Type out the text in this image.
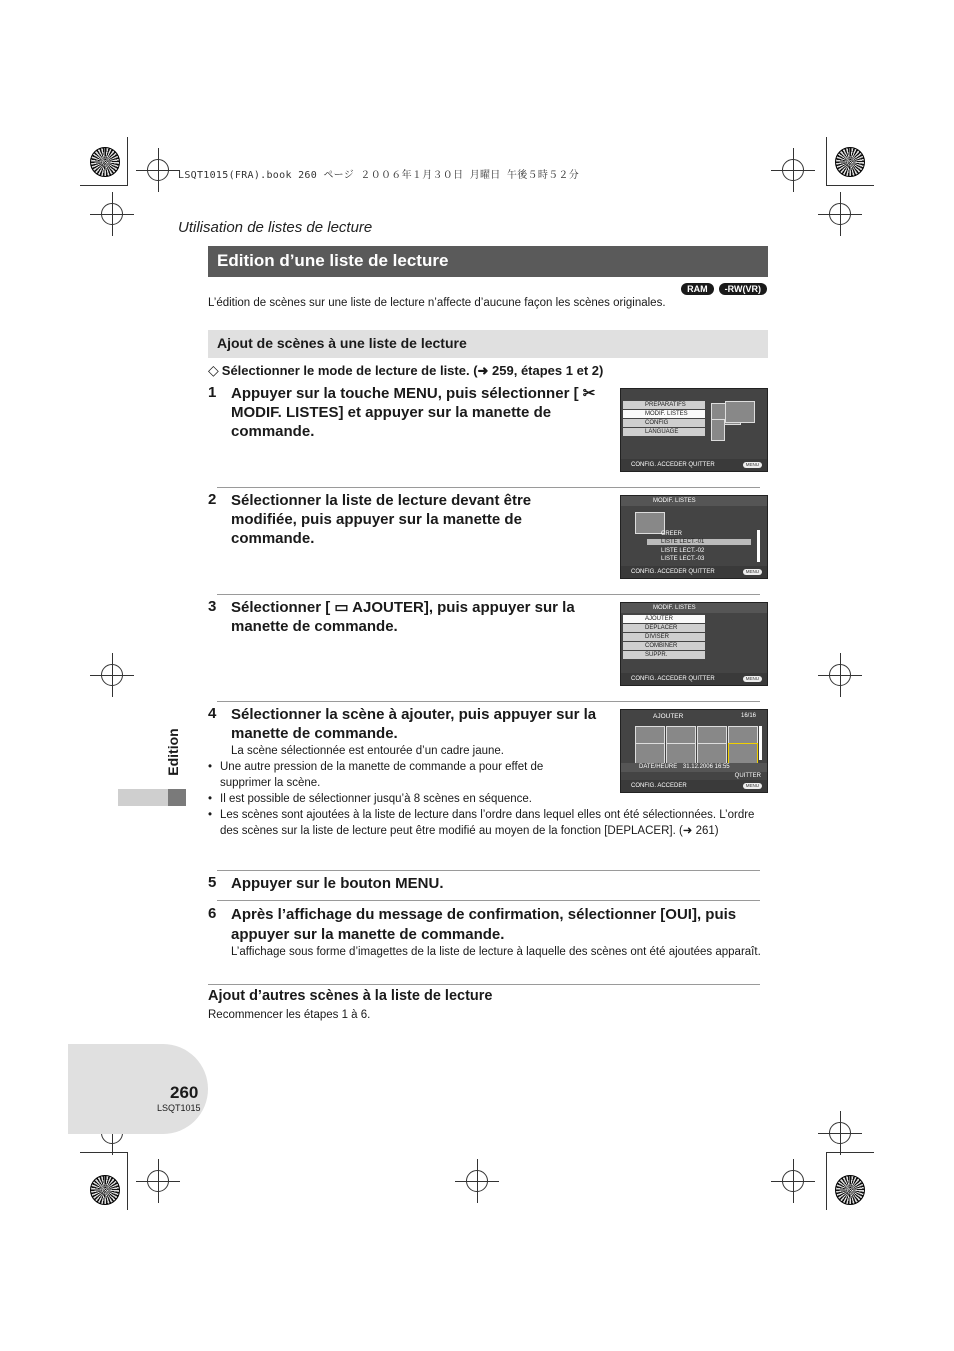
LSQT1015(FRA).book 260 ページ ２００６年１月３０日 月曜日 午後５時５２分
Utilisation de listes de lecture
Edition d’une liste de lecture
RAM	-RW(VR)
L’édition de scènes sur une liste de lecture n’affecte d’aucune façon les scènes originales.
Ajout de scènes à une liste de lecture
◇ Sélectionner le mode de lecture de liste. (➜ 259, étapes 1 et 2)
1 Appuyer sur la touche MENU, puis sélectionner [ ✂ MODIF. LISTES] et appuyer sur la manette de commande.
PREPARATIFS
MODIF. LISTES
CONFIG
LANGUAGE
CONFIG. ACCEDER QUITTER	MENU
2 Sélectionner la liste de lecture devant être modifiée, puis appuyer sur la manette de commande.
MODIF. LISTES
CREER
LISTE LECT.-01
LISTE LECT.-02
LISTE LECT.-03
CONFIG. ACCEDER QUITTER	MENU
3 Sélectionner [ ▭ AJOUTER], puis appuyer sur la manette de commande.
MODIF. LISTES
AJOUTER
DEPLACER
DIVISER
COMBINER
SUPPR.
CONFIG. ACCEDER QUITTER	MENU
4 Sélectionner la scène à ajouter, puis appuyer sur la manette de commande.
La scène sélectionnée est entourée d’un cadre jaune.
• Une autre pression de la manette de commande a pour effet de supprimer la scène.
• Il est possible de sélectionner jusqu’à 8 scènes en séquence.
• Les scènes sont ajoutées à la liste de lecture dans l’ordre dans lequel elles ont été sélectionnées. L’ordre des scènes sur la liste de lecture peut être modifié au moyen de la fonction [DEPLACER]. (➜ 261)
AJOUTER	16/16
DATE/HEURE 31.12.2006 16:55
QUITTER
CONFIG. ACCEDER	MENU
5 Appuyer sur le bouton MENU.
6 Après l’affichage du message de confirmation, sélectionner [OUI], puis appuyer sur la manette de commande.
L’affichage sous forme d’imagettes de la liste de lecture à laquelle des scènes ont été ajoutées apparaît.
Ajout d’autres scènes à la liste de lecture
Recommencer les étapes 1 à 6.
Edition
260
LSQT1015
